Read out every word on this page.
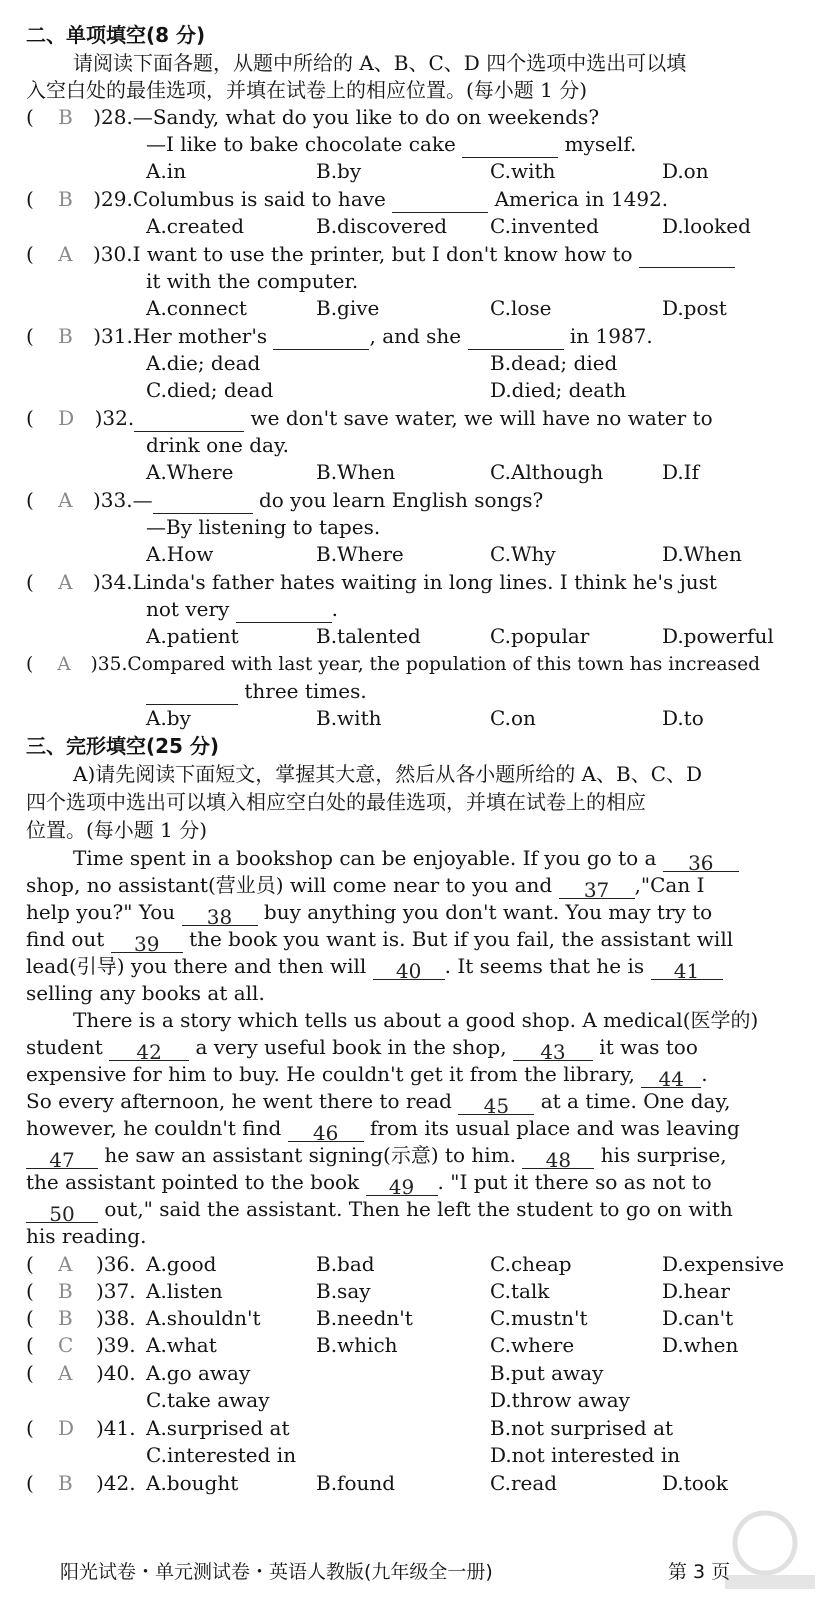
二、单项填空(8 分)
请阅读下面各题，从题中所给的 A、B、C、D 四个选项中选出可以填
入空白处的最佳选项，并填在试卷上的相应位置。(每小题 1 分)
( B )28.—Sandy, what do you like to do on weekends?
—I like to bake chocolate cake	myself.
A.in	B.by	C.with	D.on
( B )29.Columbus is said to have	America in 1492.
A.created	B.discovered C.invented	D.looked
( A )30.I want to use the printer, but I don't know how to
it with the computer.
A.connect	B.give	C.lose	D.post
( B )31.Her mother's	, and she	in 1987.
A.die; dead	B.dead; died
C.died; dead	D.died; death
( D )32.	we don't save water, we will have no water to
drink one day.
A.Where	B.When	C.Although	D.If
( A )33.—	do you learn English songs?
—By listening to tapes.
A.How	B.Where	C.Why	D.When
( A )34.Linda's father hates waiting in long lines. I think he's just
not very	.
A.patient	B.talented	C.popular	D.powerful
( A )35.Compared with last year, the population of this town has increased
three times.
A.by	B.with	C.on	D.to
三、完形填空(25 分)
A)请先阅读下面短文，掌握其大意，然后从各小题所给的 A、B、C、D
四个选项中选出可以填入相应空白处的最佳选项，并填在试卷上的相应
位置。(每小题 1 分)
Time spent in a bookshop can be enjoyable. If you go to a 36
shop, no assistant(营业员) will come near to you and 37 ,"Can I
help you?" You 38 buy anything you don't want. You may try to
find out 39 the book you want is. But if you fail, the assistant will
lead(引导) you there and then will 40 . It seems that he is 41
selling any books at all.
There is a story which tells us about a good shop. A medical(医学的)
student 42 a very useful book in the shop, 43 it was too
expensive for him to buy. He couldn't get it from the library, 44 .
So every afternoon, he went there to read 45 at a time. One day,
however, he couldn't find 46 from its usual place and was leaving
47 he saw an assistant signing(示意) to him. 48 his surprise,
the assistant pointed to the book 49 . "I put it there so as not to
50 out," said the assistant. Then he left the student to go on with
his reading.
( A )36. A.good	B.bad	C.cheap	D.expensive
( B )37. A.listen	B.say	C.talk	D.hear
( B )38. A.shouldn't	B.needn't	C.mustn't	D.can't
( C )39. A.what	B.which	C.where	D.when
( A )40. A.go away	B.put away
C.take away	D.throw away
( D )41. A.surprised at	B.not surprised at
C.interested in	D.not interested in
( B )42. A.bought	B.found	C.read	D.took
阳光试卷・单元测试卷・英语人教版(九年级全一册)	第 3 页
